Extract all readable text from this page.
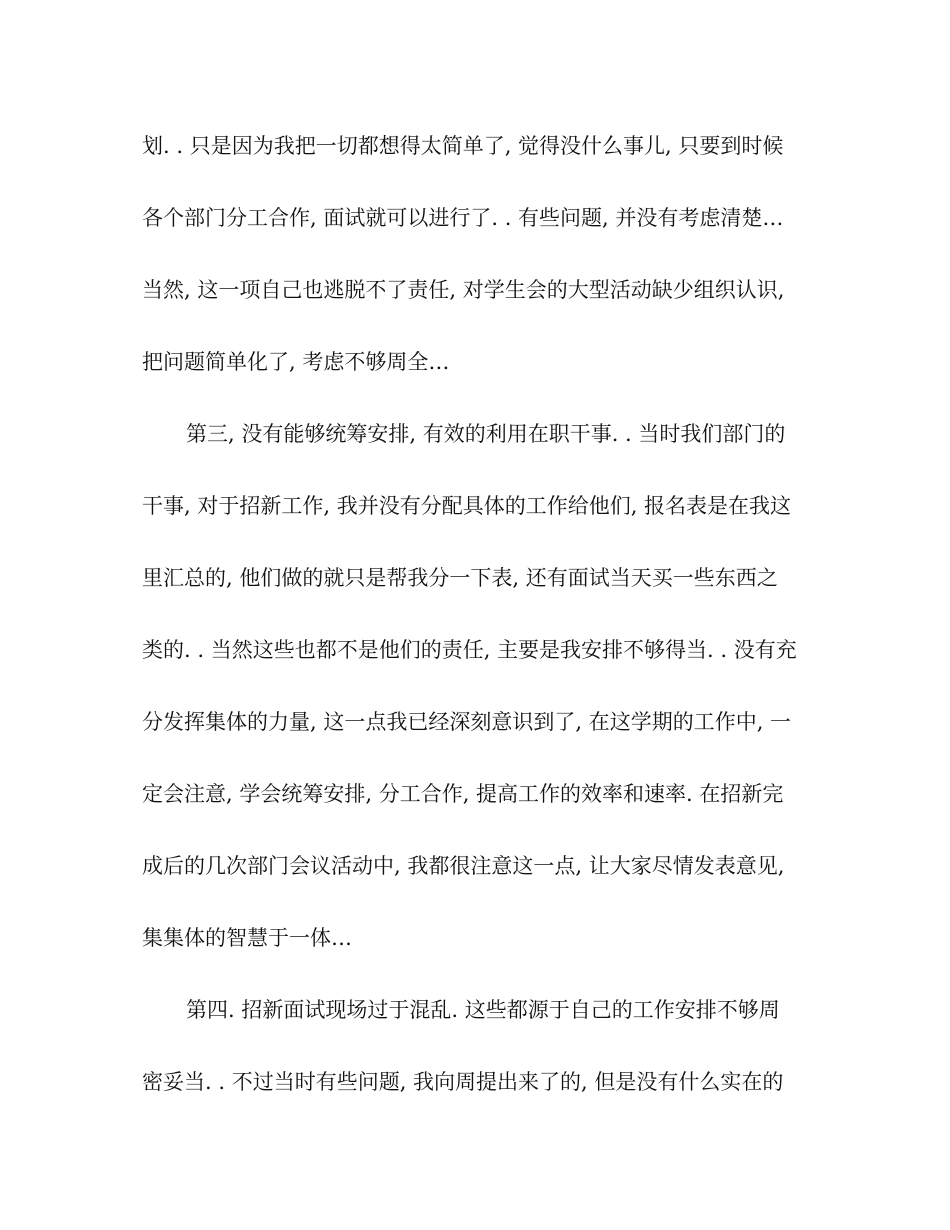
划. . 只是因为我把一切都想得太简单了, 觉得没什么事儿, 只要到时候
各个部门分工合作, 面试就可以进行了. . 有些问题, 并没有考虑清楚…
当然, 这一项自己也逃脱不了责任, 对学生会的大型活动缺少组织认识,
把问题简单化了, 考虑不够周全…
第三, 没有能够统筹安排, 有效的利用在职干事. . 当时我们部门的
干事, 对于招新工作, 我并没有分配具体的工作给他们, 报名表是在我这
里汇总的, 他们做的就只是帮我分一下表, 还有面试当天买一些东西之
类的. . 当然这些也都不是他们的责任, 主要是我安排不够得当. . 没有充
分发挥集体的力量, 这一点我已经深刻意识到了, 在这学期的工作中, 一
定会注意, 学会统筹安排, 分工合作, 提高工作的效率和速率. 在招新完
成后的几次部门会议活动中, 我都很注意这一点, 让大家尽情发表意见,
集集体的智慧于一体…
第四. 招新面试现场过于混乱. 这些都源于自己的工作安排不够周
密妥当. . 不过当时有些问题, 我向周提出来了的, 但是没有什么实在的
